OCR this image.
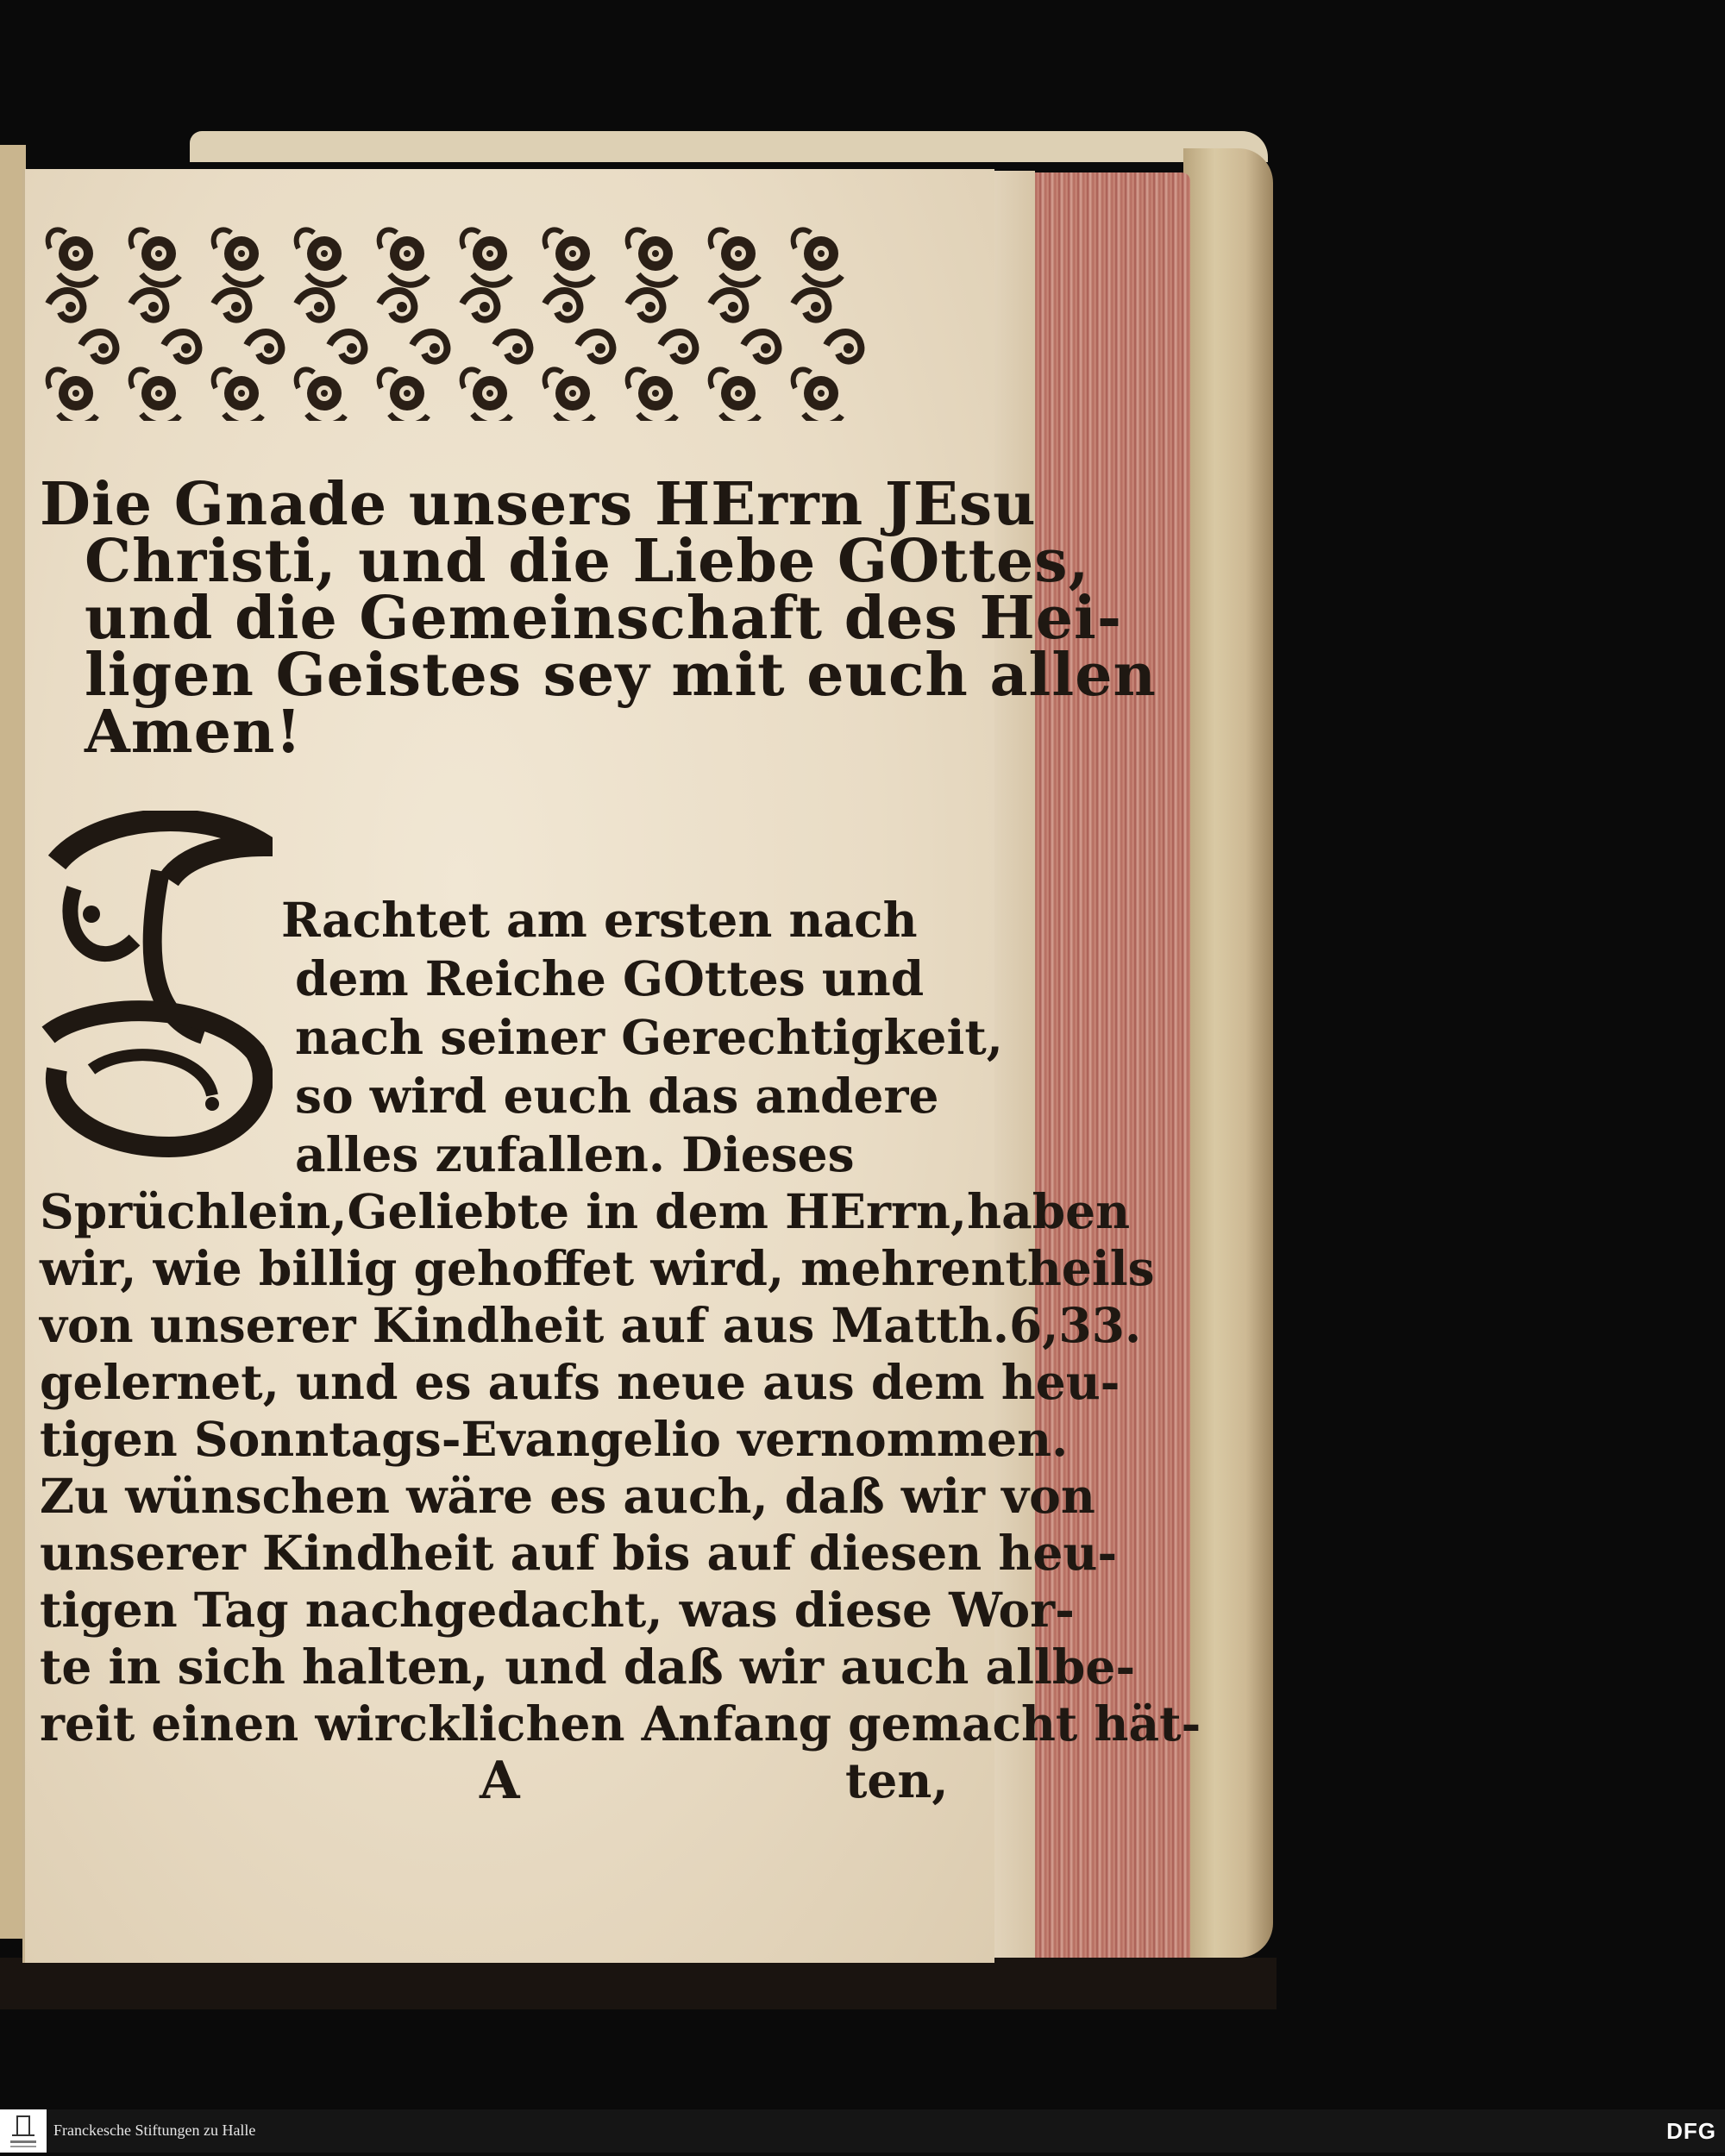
Die Gnade unsers HErrn JEsu
Christi, und die Liebe GOttes,
und die Gemeinschaft des Hei-
ligen Geistes sey mit euch allen
Amen!
Rachtet am ersten nach
dem Reiche GOttes und
nach seiner Gerechtigkeit,
so wird euch das andere
alles zufallen. Dieses
Sprüchlein,Geliebte in dem HErrn,haben
wir, wie billig gehoffet wird, mehrentheils
von unserer Kindheit auf aus Matth.6,33.
gelernet, und es aufs neue aus dem heu-
tigen Sonntags-Evangelio vernommen.
Zu wünschen wäre es auch, daß wir von
unserer Kindheit auf bis auf diesen heu-
tigen Tag nachgedacht, was diese Wor-
te in sich halten, und daß wir auch allbe-
reit einen wircklichen Anfang gemacht hät-
A	ten,
Franckesche Stiftungen zu Halle	DFG
